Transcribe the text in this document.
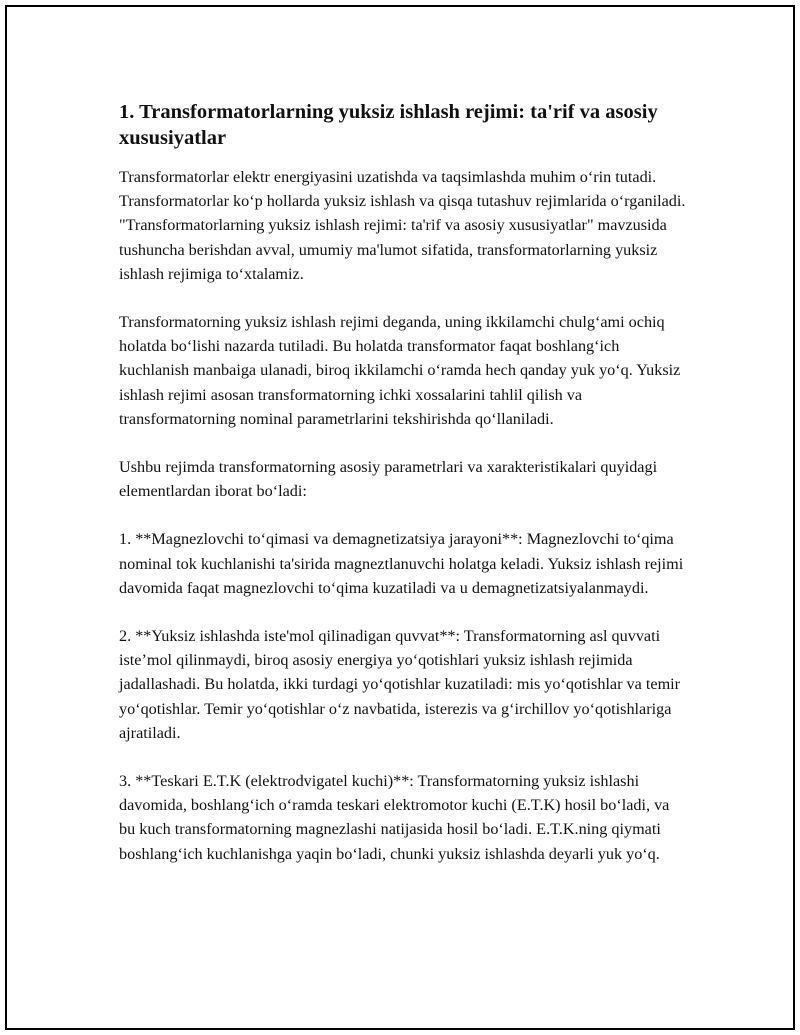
1. Transformatorlarning yuksiz ishlash rejimi: ta'rif va asosiy xususiyatlar
Transformatorlar elektr energiyasini uzatishda va taqsimlashda muhim oʻrin tutadi. Transformatorlar koʻp hollarda yuksiz ishlash va qisqa tutashuv rejimlarida oʻrganiladi. "Transformatorlarning yuksiz ishlash rejimi: ta'rif va asosiy xususiyatlar" mavzusida tushuncha berishdan avval, umumiy ma'lumot sifatida, transformatorlarning yuksiz ishlash rejimiga toʻxtalamiz.
Transformatorning yuksiz ishlash rejimi deganda, uning ikkilamchi chulgʻami ochiq holatda boʻlishi nazarda tutiladi. Bu holatda transformator faqat boshlangʻich kuchlanish manbaiga ulanadi, biroq ikkilamchi oʻramda hech qanday yuk yoʻq. Yuksiz ishlash rejimi asosan transformatorning ichki xossalarini tahlil qilish va transformatorning nominal parametrlarini tekshirishda qoʻllaniladi.
Ushbu rejimda transformatorning asosiy parametrlari va xarakteristikalari quyidagi elementlardan iborat boʻladi:
1. **Magnezlovchi toʻqimasi va demagnetizatsiya jarayoni**: Magnezlovchi toʻqima nominal tok kuchlanishi ta'sirida magneztlanuvchi holatga keladi. Yuksiz ishlash rejimi davomida faqat magnezlovchi toʻqima kuzatiladi va u demagnetizatsiyalanmaydi.
2. **Yuksiz ishlashda iste'mol qilinadigan quvvat**: Transformatorning asl quvvati iste’mol qilinmaydi, biroq asosiy energiya yoʻqotishlari yuksiz ishlash rejimida jadallashadi. Bu holatda, ikki turdagi yoʻqotishlar kuzatiladi: mis yoʻqotishlar va temir yoʻqotishlar. Temir yoʻqotishlar oʻz navbatida, isterezis va gʻirchillov yoʻqotishlariga ajratiladi.
3. **Teskari E.T.K (elektrodvigatel kuchi)**: Transformatorning yuksiz ishlashi davomida, boshlangʻich oʻramda teskari elektromotor kuchi (E.T.K) hosil boʻladi, va bu kuch transformatorning magnezlashi natijasida hosil boʻladi. E.T.K.ning qiymati boshlangʻich kuchlanishga yaqin boʻladi, chunki yuksiz ishlashda deyarli yuk yoʻq.
